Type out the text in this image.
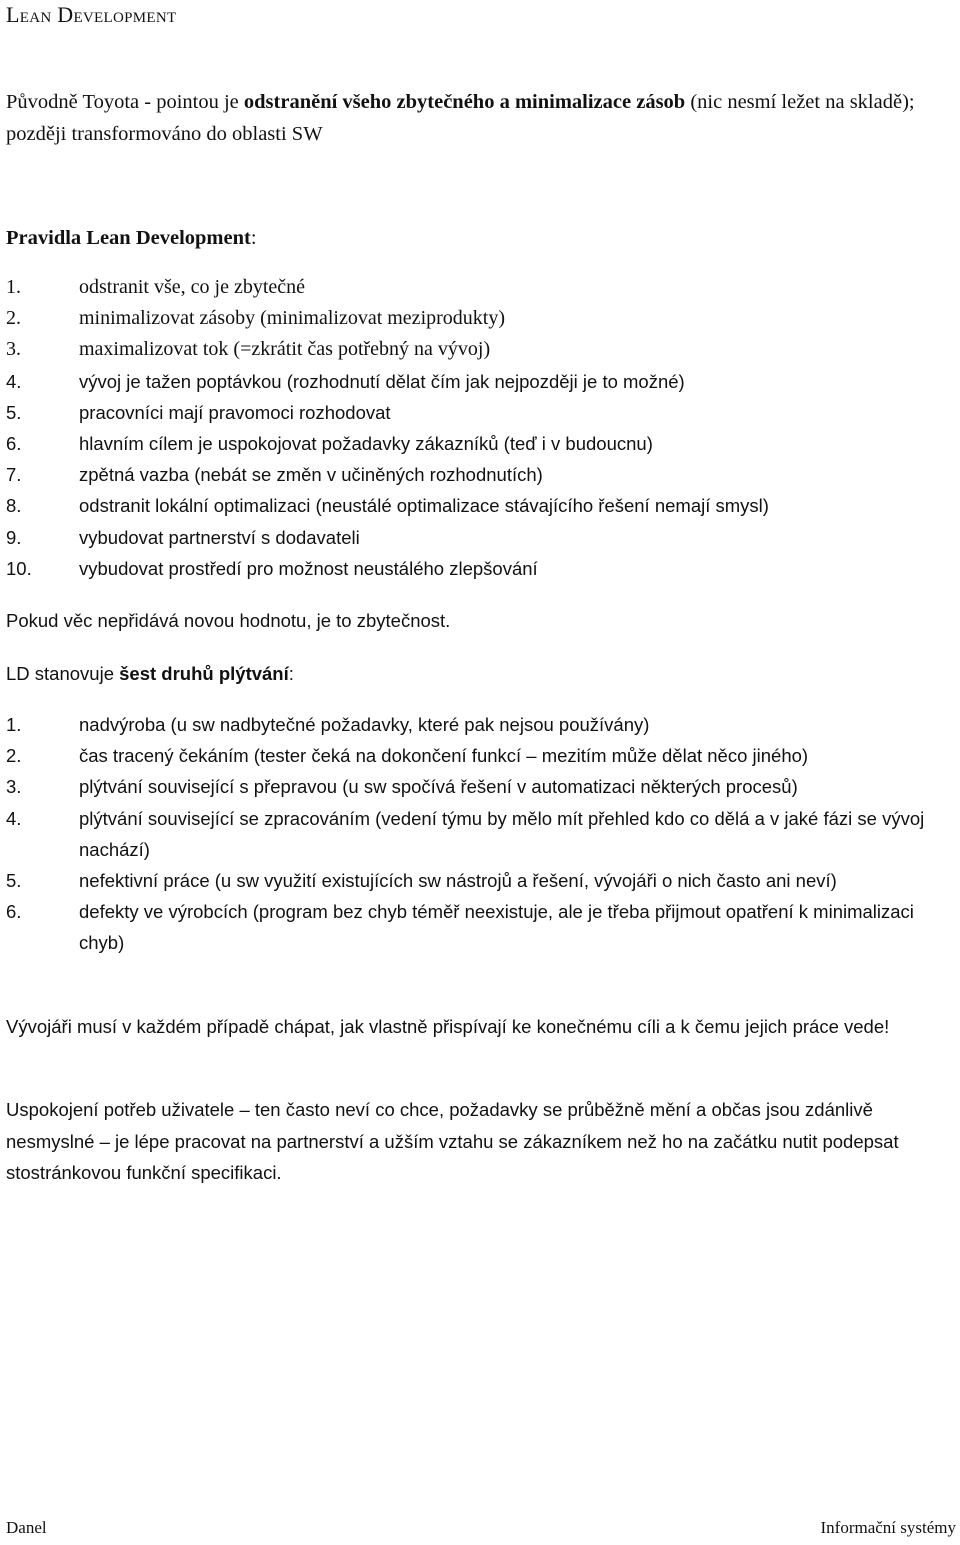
Lean Development
Původně Toyota - pointou je odstranění všeho zbytečného a minimalizace zásob (nic nesmí ležet na skladě); později transformováno do oblasti SW
Pravidla Lean Development:
1.	odstranit vše, co je zbytečné
2.	minimalizovat zásoby (minimalizovat meziprodukty)
3.	maximalizovat tok (=zkrátit čas potřebný na vývoj)
4.	vývoj je tažen poptávkou (rozhodnutí dělat čím jak nejpozději je to možné)
5.	pracovníci mají pravomoci rozhodovat
6.	hlavním cílem je uspokojovat požadavky zákazníků (teď i v budoucnu)
7.	zpětná vazba (nebát se změn v učiněných rozhodnutích)
8.	odstranit lokální optimalizaci (neustálé optimalizace stávajícího řešení nemají smysl)
9.	vybudovat partnerství s dodavateli
10.	vybudovat prostředí pro možnost neustálého zlepšování
Pokud věc nepřidává novou hodnotu, je to zbytečnost.
LD stanovuje šest druhů plýtvání:
1.	nadvýroba (u sw nadbytečné požadavky, které pak nejsou používány)
2.	čas tracený čekáním (tester čeká na dokončení funkcí – mezitím může dělat něco jiného)
3.	plýtvání související s přepravou (u sw spočívá řešení v automatizaci některých procesů)
4.	plýtvání související se zpracováním (vedení týmu by mělo mít přehled kdo co dělá a v jaké fázi se vývoj nachází)
5.	nefektivní práce (u sw využití existujících sw nástrojů a řešení, vývojáři o nich často ani neví)
6.	defekty ve výrobcích (program bez chyb téměř neexistuje, ale je třeba přijmout opatření k minimalizaci chyb)
Vývojáři musí v každém případě chápat, jak vlastně přispívají ke konečnému cíli a k čemu jejich práce vede!
Uspokojení potřeb uživatele – ten často neví co chce, požadavky se průběžně mění a občas jsou zdánlivě nesmyslné – je lépe pracovat na partnerství a užším vztahu se zákazníkem než ho na začátku nutit podepsat stostránkovou funkční specifikaci.
Danel	Informační systémy
